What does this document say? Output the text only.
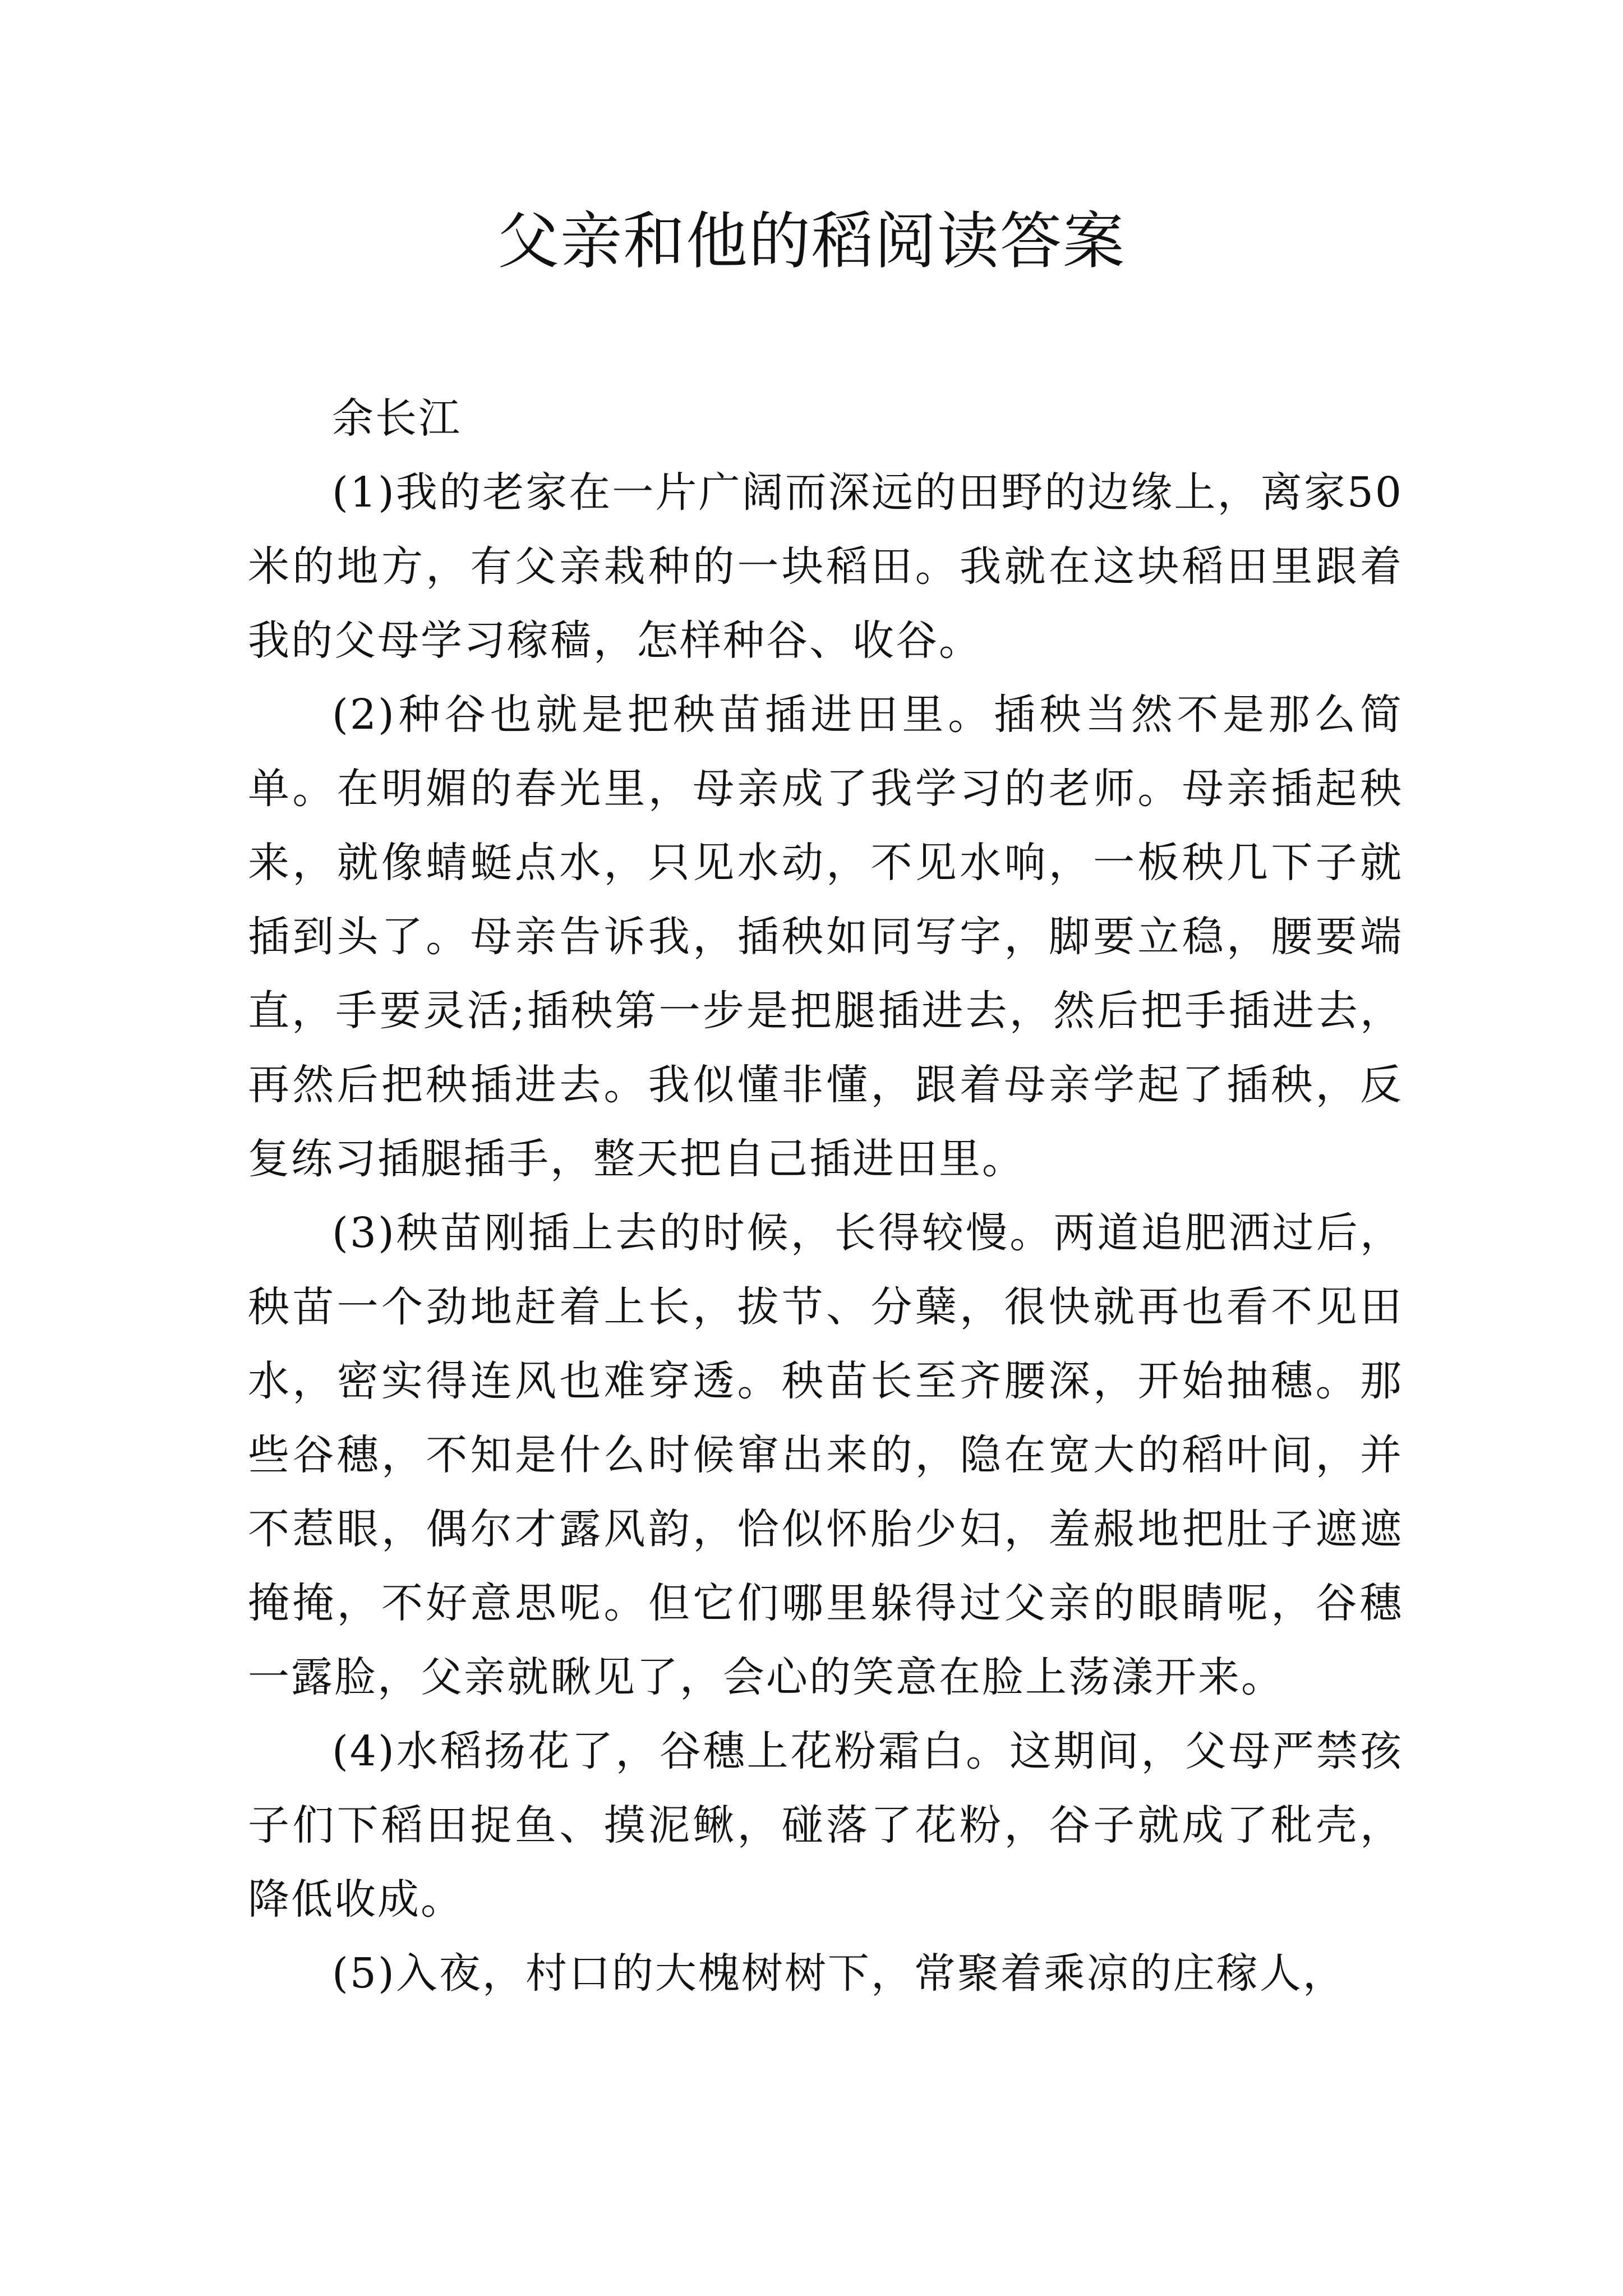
父亲和他的稻阅读答案

余长江

(1)我的老家在一片广阔而深远的田野的边缘上，离家50米的地方，有父亲栽种的一块稻田。我就在这块稻田里跟着我的父母学习稼穑，怎样种谷、收谷。

(2)种谷也就是把秧苗插进田里。插秧当然不是那么简单。在明媚的春光里，母亲成了我学习的老师。母亲插起秧来，就像蜻蜓点水，只见水动，不见水响，一板秧几下子就插到头了。母亲告诉我，插秧如同写字，脚要立稳，腰要端直，手要灵活;插秧第一步是把腿插进去，然后把手插进去，再然后把秧插进去。我似懂非懂，跟着母亲学起了插秧，反复练习插腿插手，整天把自己插进田里。

(3)秧苗刚插上去的时候，长得较慢。两道追肥洒过后，秧苗一个劲地赶着上长，拔节、分蘖，很快就再也看不见田水，密实得连风也难穿透。秧苗长至齐腰深，开始抽穗。那些谷穗，不知是什么时候窜出来的，隐在宽大的稻叶间，并不惹眼，偶尔才露风韵，恰似怀胎少妇，羞赧地把肚子遮遮掩掩，不好意思呢。但它们哪里躲得过父亲的眼睛呢，谷穗一露脸，父亲就瞅见了，会心的笑意在脸上荡漾开来。

(4)水稻扬花了，谷穗上花粉霜白。这期间，父母严禁孩子们下稻田捉鱼、摸泥鳅，碰落了花粉，谷子就成了秕壳，降低收成。

(5)入夜，村口的大槐树树下，常聚着乘凉的庄稼人，
